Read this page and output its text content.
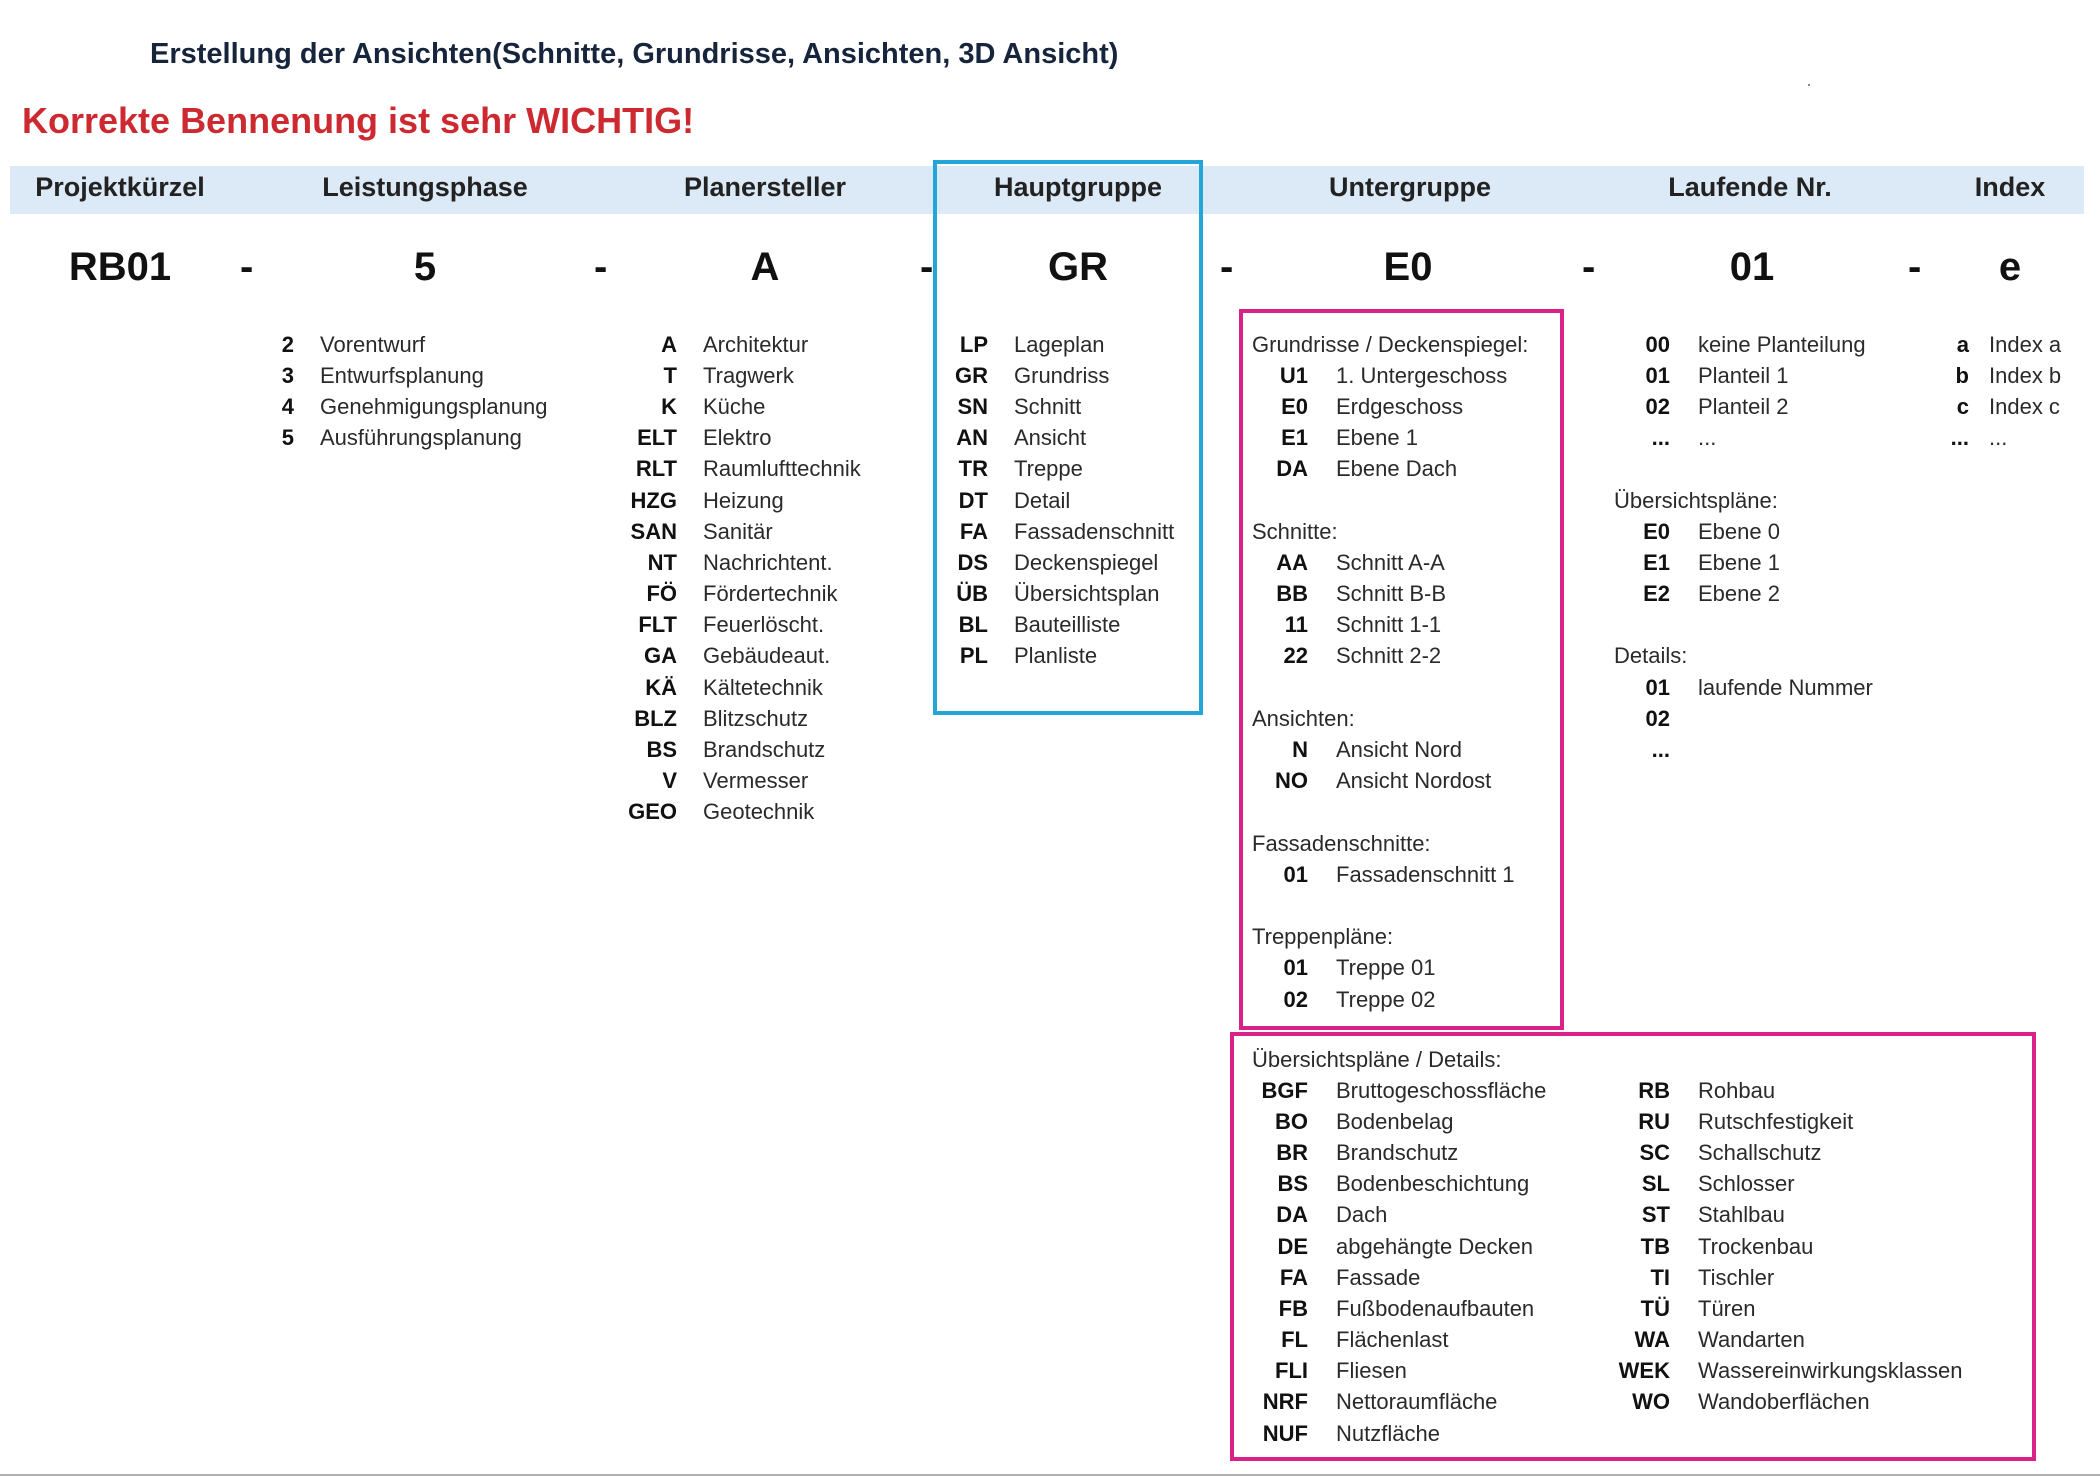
Erstellung der Ansichten(Schnitte, Grundrisse, Ansichten, 3D Ansicht)
Korrekte Bennenung ist sehr WICHTIG!
Projektkürzel	Leistungsphase	Planersteller	Hauptgruppe	Untergruppe	Laufende Nr.	Index
RB01	-	5	-	A	-	GR	-	E0	-	01	-	e
2 Vorentwurf
3 Entwurfsplanung
4 Genehmigungsplanung
5 Ausführungsplanung
A Architektur
T Tragwerk
K Küche
ELT Elektro
RLT Raumlufttechnik
HZG Heizung
SAN Sanitär
NT Nachrichtent.
FÖ Fördertechnik
FLT Feuerlöscht.
GA Gebäudeaut.
KÄ Kältetechnik
BLZ Blitzschutz
BS Brandschutz
V Vermesser
GEO Geotechnik
LP Lageplan
GR Grundriss
SN Schnitt
AN Ansicht
TR Treppe
DT Detail
FA Fassadenschnitt
DS Deckenspiegel
ÜB Übersichtsplan
BL Bauteilliste
PL Planliste
Grundrisse / Deckenspiegel:
U1 1. Untergeschoss
E0 Erdgeschoss
E1 Ebene 1
DA Ebene Dach
Schnitte:
AA Schnitt A-A
BB Schnitt B-B
11 Schnitt 1-1
22 Schnitt 2-2
Ansichten:
N Ansicht Nord
NO Ansicht Nordost
Fassadenschnitte:
01 Fassadenschnitt 1
Treppenpläne:
01 Treppe 01
02 Treppe 02
Übersichtspläne / Details:
BGF Bruttogeschossfläche
BO Bodenbelag
BR Brandschutz
BS Bodenbeschichtung
DA Dach
DE abgehängte Decken
FA Fassade
FB Fußbodenaufbauten
FL Flächenlast
FLI Fliesen
NRF Nettoraumfläche
NUF Nutzfläche
RB Rohbau
RU Rutschfestigkeit
SC Schallschutz
SL Schlosser
ST Stahlbau
TB Trockenbau
TI Tischler
TÜ Türen
WA Wandarten
WEK Wassereinwirkungsklassen
WO Wandoberflächen
00 keine Planteilung
01 Planteil 1
02 Planteil 2
... ...
Übersichtspläne:
E0 Ebene 0
E1 Ebene 1
E2 Ebene 2
Details:
01 laufende Nummer
02
...
a Index a
b Index b
c Index c
... ...
